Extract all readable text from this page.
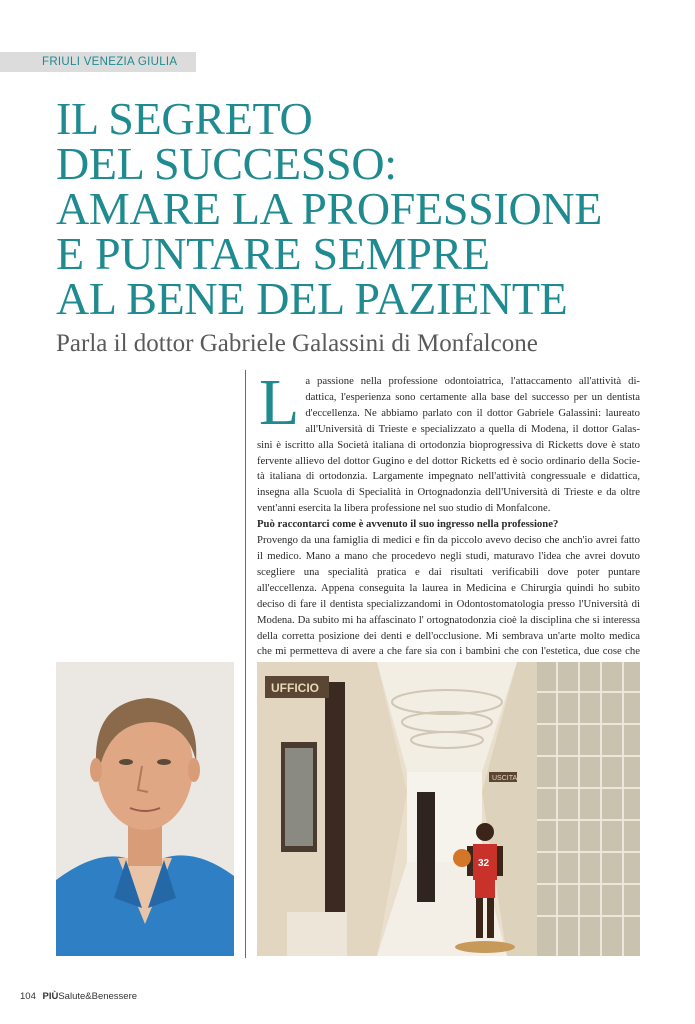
FRIULI VENEZIA GIULIA
IL SEGRETO
DEL SUCCESSO:
AMARE LA PROFESSIONE
E PUNTARE SEMPRE
AL BENE DEL PAZIENTE
Parla il dottor Gabriele Galassini di Monfalcone
L a passione nella professione odontoiatrica, l'attaccamento all'attività di- dattica, l'esperienza sono certamente alla base del successo per un dentista d'eccellenza. Ne abbiamo parlato con il dottor Gabriele Galassini: laureato all'Università di Trieste e specializzato a quella di Modena, il dottor Galas- sini è iscritto alla Società italiana di ortodonzia bioprogressiva di Ricketts dove è stato fervente allievo del dottor Gugino e del dottor Ricketts ed è socio ordinario della Socie- tà italiana di ortodonzia. Largamente impegnato nell'attività congressuale e didattica, insegna alla Scuola di Specialità in Ortognadonzia dell'Università di Trieste e da oltre vent'anni esercita la libera professione nel suo studio di Monfalcone.

Può raccontarci come è avvenuto il suo ingresso nella professione?

Provengo da una famiglia di medici e fin da piccolo avevo deciso che anch'io avrei fatto il medico. Mano a mano che procedevo negli studi, maturavo l'idea che avrei dovuto scegliere una specialità pratica e dai risultati verificabili dove poter puntare all'eccellenza. Appena conseguita la laurea in Medicina e Chirurgia quindi ho subito deciso di fare il dentista specializzandomi in Odontostomatologia presso l'Università di Modena. Da subito mi ha affascinato l' ortognatodonzia cioè la disciplina che si interessa della corretta posizione dei denti e dell'occlusione. Mi sembrava un'arte molto medica che mi permetteva di avere a che fare sia con i bambini che con l'estetica, due cose che

UFFICIO
USCITA
32
104 PIÙSalute&Benessere
